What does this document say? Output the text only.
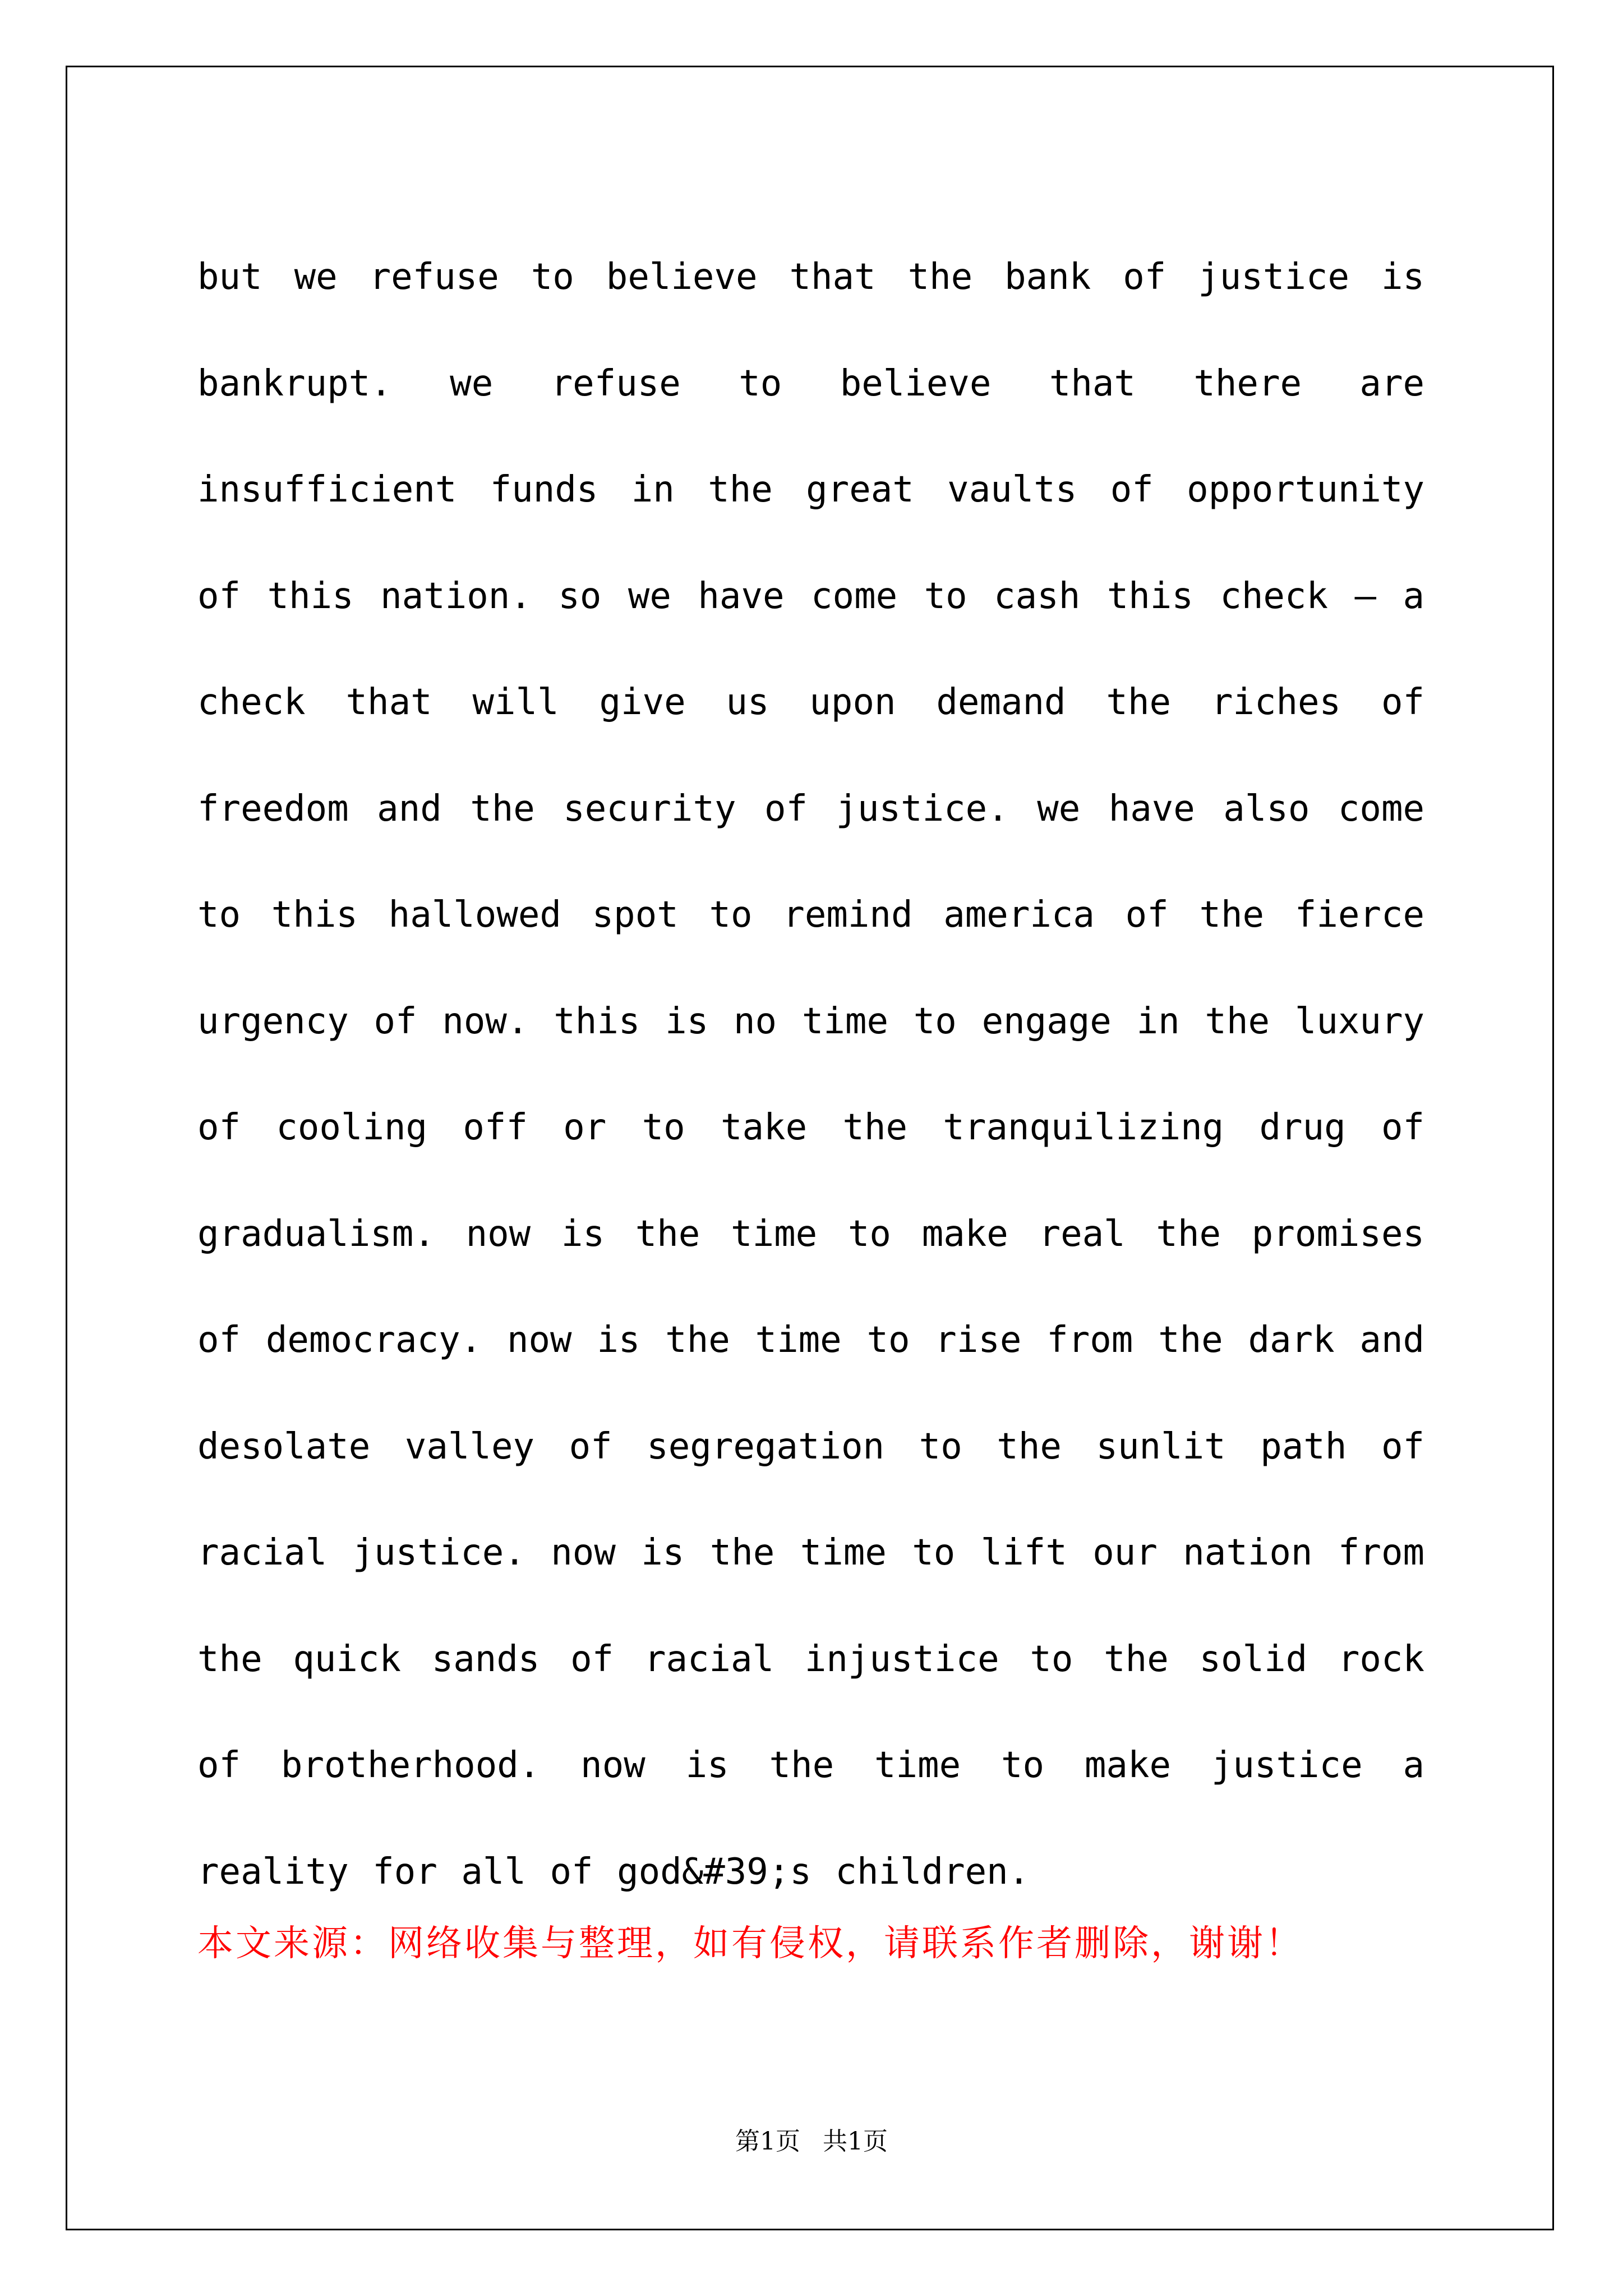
but we refuse to believe that the bank of justice is bankrupt. we refuse to believe that there are insufficient funds in the great vaults of opportunity of this nation. so we have come to cash this check — a check that will give us upon demand the riches of freedom and the security of justice. we have also come to this hallowed spot to remind america of the fierce urgency of now. this is no time to engage in the luxury of cooling off or to take the tranquilizing drug of gradualism. now is the time to make real the promises of democracy. now is the time to rise from the dark and desolate valley of segregation to the sunlit path of racial justice. now is the time to lift our nation from the quick sands of racial injustice to the solid rock of brotherhood. now is the time to make justice a reality for all of god&#39;s children.

本文来源：网络收集与整理，如有侵权，请联系作者删除，谢谢！

第1页 共1页
